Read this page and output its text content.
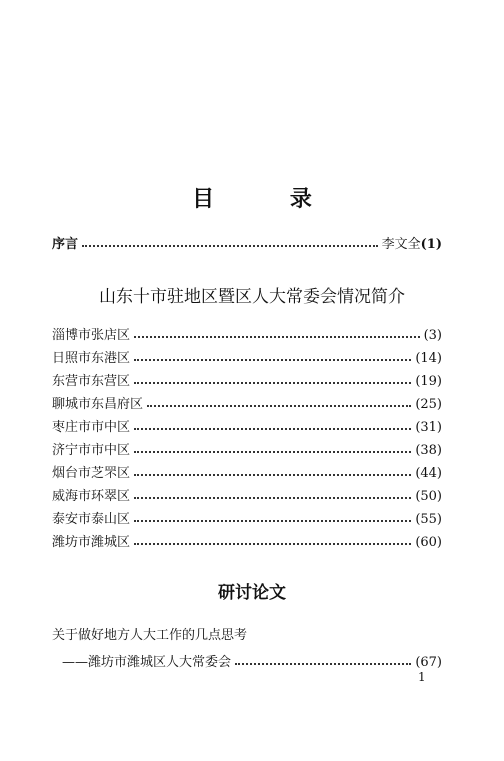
目 录
序言	李文全 (1)
山东十市驻地区暨区人大常委会情况简介
淄博市张店区	(3)
日照市东港区	(14)
东营市东营区	(19)
聊城市东昌府区	(25)
枣庄市市中区	(31)
济宁市市中区	(38)
烟台市芝罘区	(44)
威海市环翠区	(50)
泰安市泰山区	(55)
潍坊市潍城区	(60)
研讨论文
关于做好地方人大工作的几点思考
——潍坊市潍城区人大常委会	(67)
1
